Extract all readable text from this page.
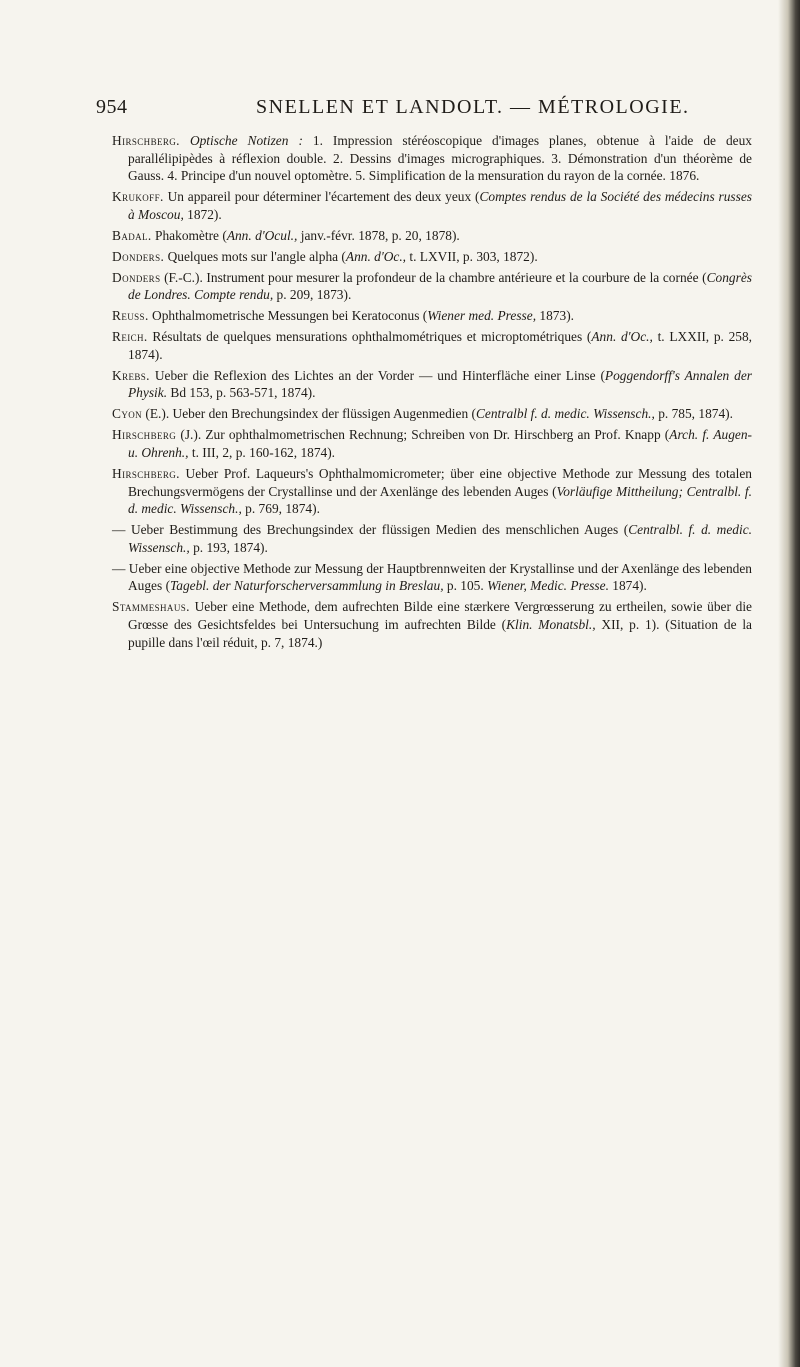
954	SNELLEN ET LANDOLT. — MÉTROLOGIE.

Hirschberg. Optische Notizen : 1. Impression stéréoscopique d'images planes, obtenue à l'aide de deux parallélipipèdes à réflexion double. 2. Dessins d'images micrographiques. 3. Démonstration d'un théorème de Gauss. 4. Principe d'un nouvel optomètre. 5. Simplification de la mensuration du rayon de la cornée. 1876.

Krukoff. Un appareil pour déterminer l'écartement des deux yeux (Comptes rendus de la Société des médecins russes à Moscou, 1872).

Badal. Phakomètre (Ann. d'Ocul., janv.-févr. 1878, p. 20, 1878).

Donders. Quelques mots sur l'angle alpha (Ann. d'Oc., t. LXVII, p. 303, 1872).

Donders (F.-C.). Instrument pour mesurer la profondeur de la chambre antérieure et la courbure de la cornée (Congrès de Londres. Compte rendu, p. 209, 1873).

Reuss. Ophthalmometrische Messungen bei Keratoconus (Wiener med. Presse, 1873).

Reich. Résultats de quelques mensurations ophthalmométriques et microptométriques (Ann. d'Oc., t. LXXII, p. 258, 1874).

Krebs. Ueber die Reflexion des Lichtes an der Vorder — und Hinterfläche einer Linse (Poggendorff's Annalen der Physik. Bd 153, p. 563-571, 1874).

Cyon (E.). Ueber den Brechungsindex der flüssigen Augenmedien (Centralbl f. d. medic. Wissensch., p. 785, 1874).

Hirschberg (J.). Zur ophthalmometrischen Rechnung; Schreiben von Dr. Hirschberg an Prof. Knapp (Arch. f. Augen- u. Ohrenh., t. III, 2, p. 160-162, 1874).

Hirschberg. Ueber Prof. Laqueurs's Ophthalmomicrometer; über eine objective Methode zur Messung des totalen Brechungsvermögens der Crystallinse und der Axenlänge des lebenden Auges (Vorläufige Mittheilung; Centralbl. f. d. medic. Wissensch., p. 769, 1874).

— Ueber Bestimmung des Brechungsindex der flüssigen Medien des menschlichen Auges (Centralbl. f. d. medic. Wissensch., p. 193, 1874).

— Ueber eine objective Methode zur Messung der Hauptbrennweiten der Krystallinse und der Axenlänge des lebenden Auges (Tagebl. der Naturforscherversammlung in Breslau, p. 105. Wiener, Medic. Presse. 1874).

Stammeshaus. Ueber eine Methode, dem aufrechten Bilde eine stærkere Vergrœsserung zu ertheilen, sowie über die Grœsse des Gesichtsfeldes bei Untersuchung im aufrechten Bilde (Klin. Monatsbl., XII, p. 1). (Situation de la pupille dans l'œil réduit, p. 7, 1874.)
